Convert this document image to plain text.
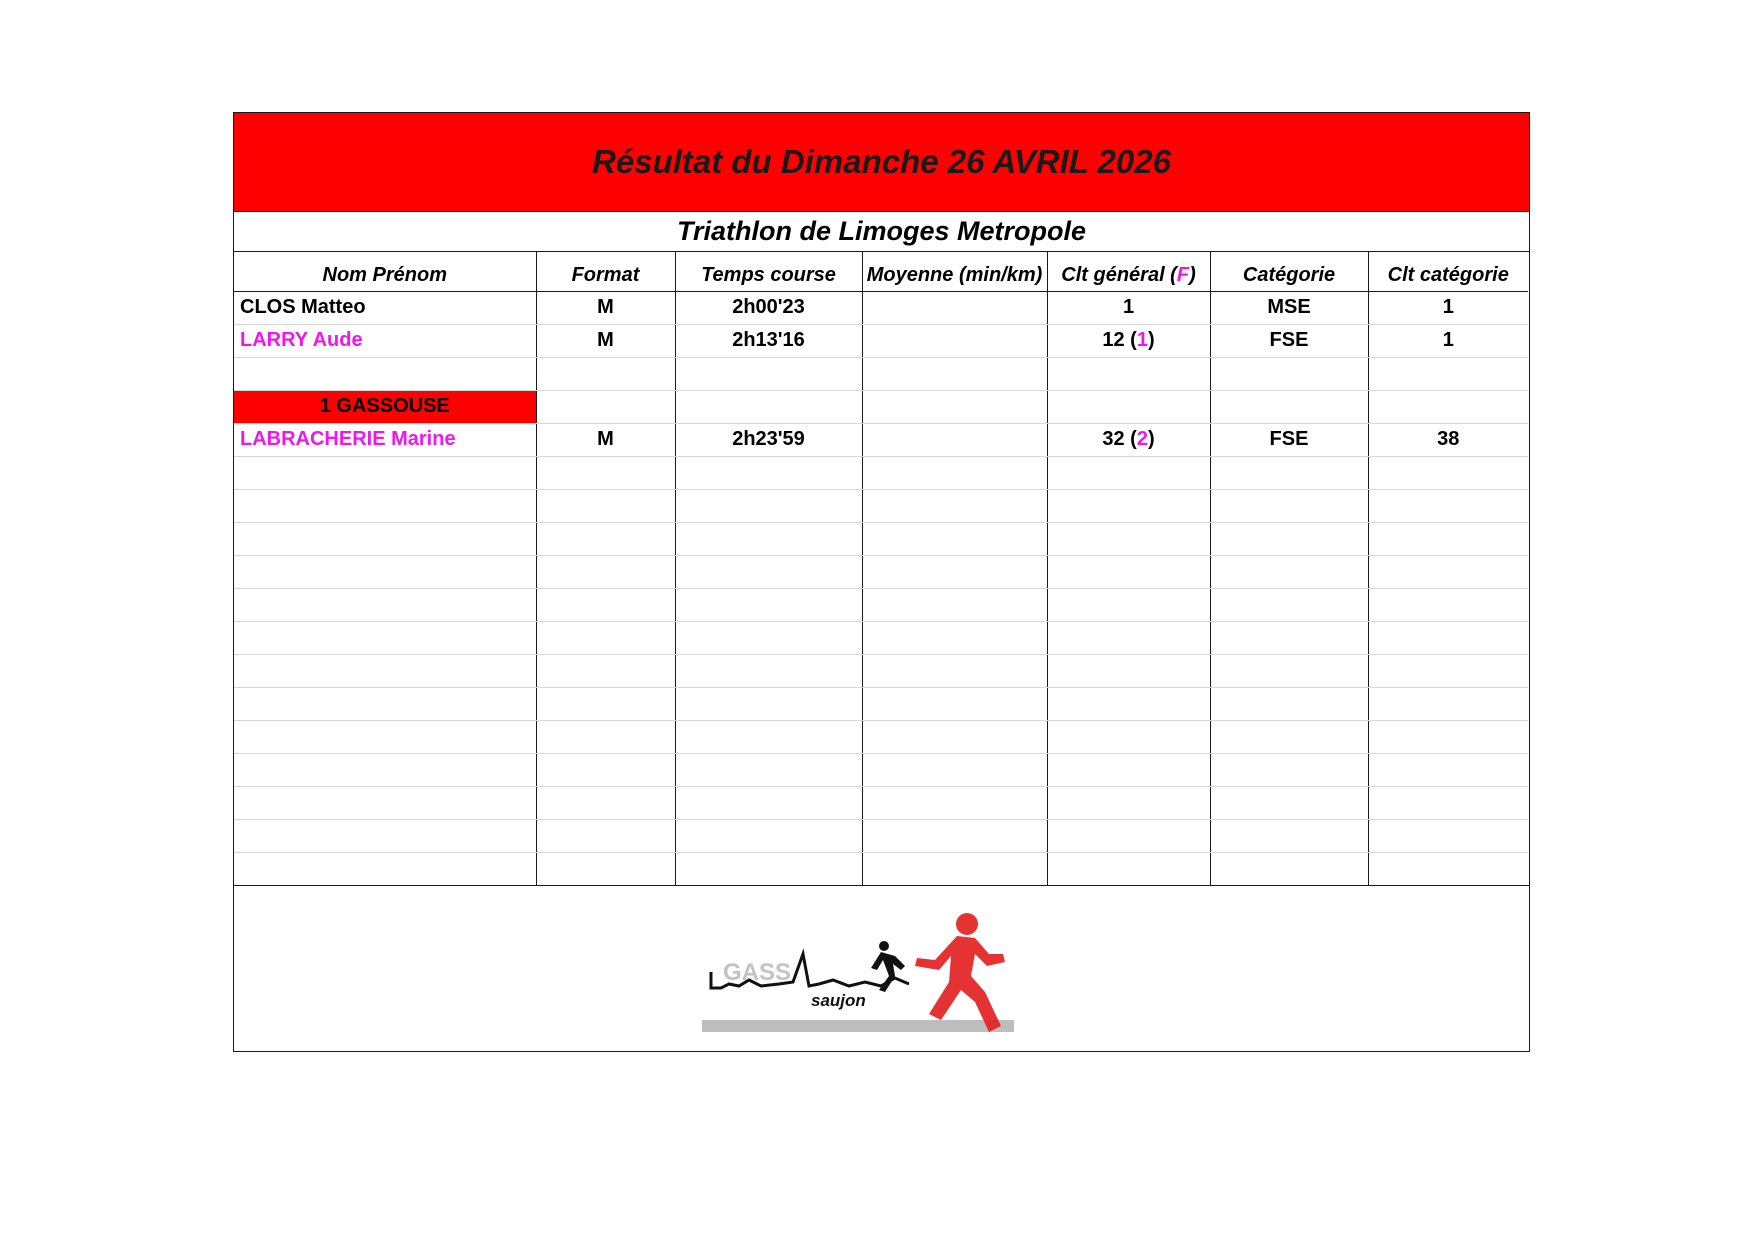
Résultat du Dimanche 26 AVRIL 2026
Triathlon de Limoges Metropole
Nom Prénom	Format	Temps course	Moyenne (min/km)	Clt général (F)	Catégorie	Clt catégorie
CLOS Matteo	M	2h00'23		1	MSE	1
LARRY Aude	M	2h13'16		12 (1)	FSE	1

1 GASSOUSE						
LABRACHERIE Marine	M	2h23'59		32 (2)	FSE	38

GASS
saujon
